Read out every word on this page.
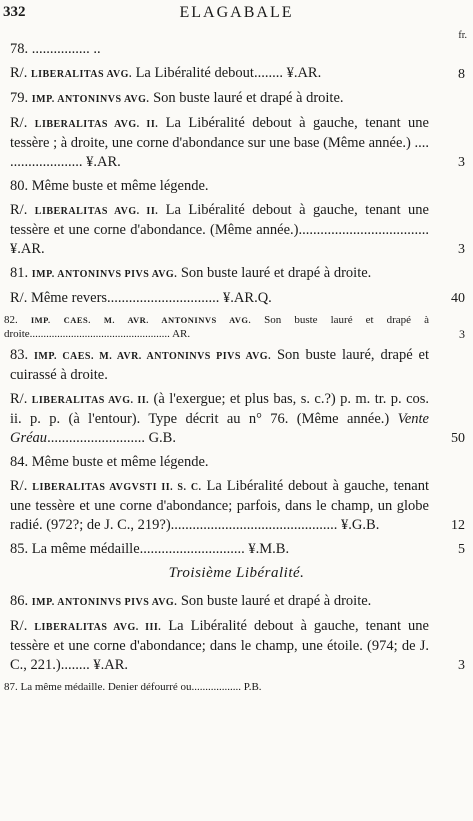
332	ELAGABALE
fr.
78. ................ ..
R/. LIBERALITAS AVG. La Libéralité debout........ ¥.AR.	8
79. IMP. ANTONINVS AVG. Son buste lauré et drapé à droite.
R/. LIBERALITAS AVG. II. La Libéralité debout à gauche, tenant une tessère ; à droite, une corne d'abondance sur une base (Même année.) .... .................... ¥.AR.	3
80. Même buste et même légende.
R/. LIBERALITAS AVG. II. La Libéralité debout à gauche, tenant une tessère et une corne d'abondance. (Même année.).................................... ¥.AR.	3
81. IMP. ANTONINVS PIVS AVG. Son buste lauré et drapé à droite.
R/. Même revers............................... ¥.AR.Q.	40
82. IMP. CAES. M. AVR. ANTONINVS AVG. Son buste lauré et drapé à droite................................................... AR.	3
83. IMP. CAES. M. AVR. ANTONINVS PIVS AVG. Son buste lauré, drapé et cuirassé à droite.
R/. LIBERALITAS AVG. II. (à l'exergue; et plus bas, s. c.?) p. m. tr. p. cos. ii. p. p. (à l'entour). Type décrit au n° 76. (Même année.) Vente Gréau........................... G.B.	50
84. Même buste et même légende.
R/. LIBERALITAS AVGVSTI II. S. C. La Libéralité debout à gauche, tenant une tessère et une corne d'abondance; parfois, dans le champ, un globe radié. (972?; de J. C., 219?).............................................. ¥.G.B.	12
85. La même médaille............................. ¥.M.B.	5
Troisième Libéralité.
86. IMP. ANTONINVS PIVS AVG. Son buste lauré et drapé à droite.
R/. LIBERALITAS AVG. III. La Libéralité debout à gauche, tenant une tessère et une corne d'abondance; dans le champ, une étoile. (974; de J. C., 221.)........ ¥.AR.	3
87. La même médaille. Denier défourré ou.................. P.B.
